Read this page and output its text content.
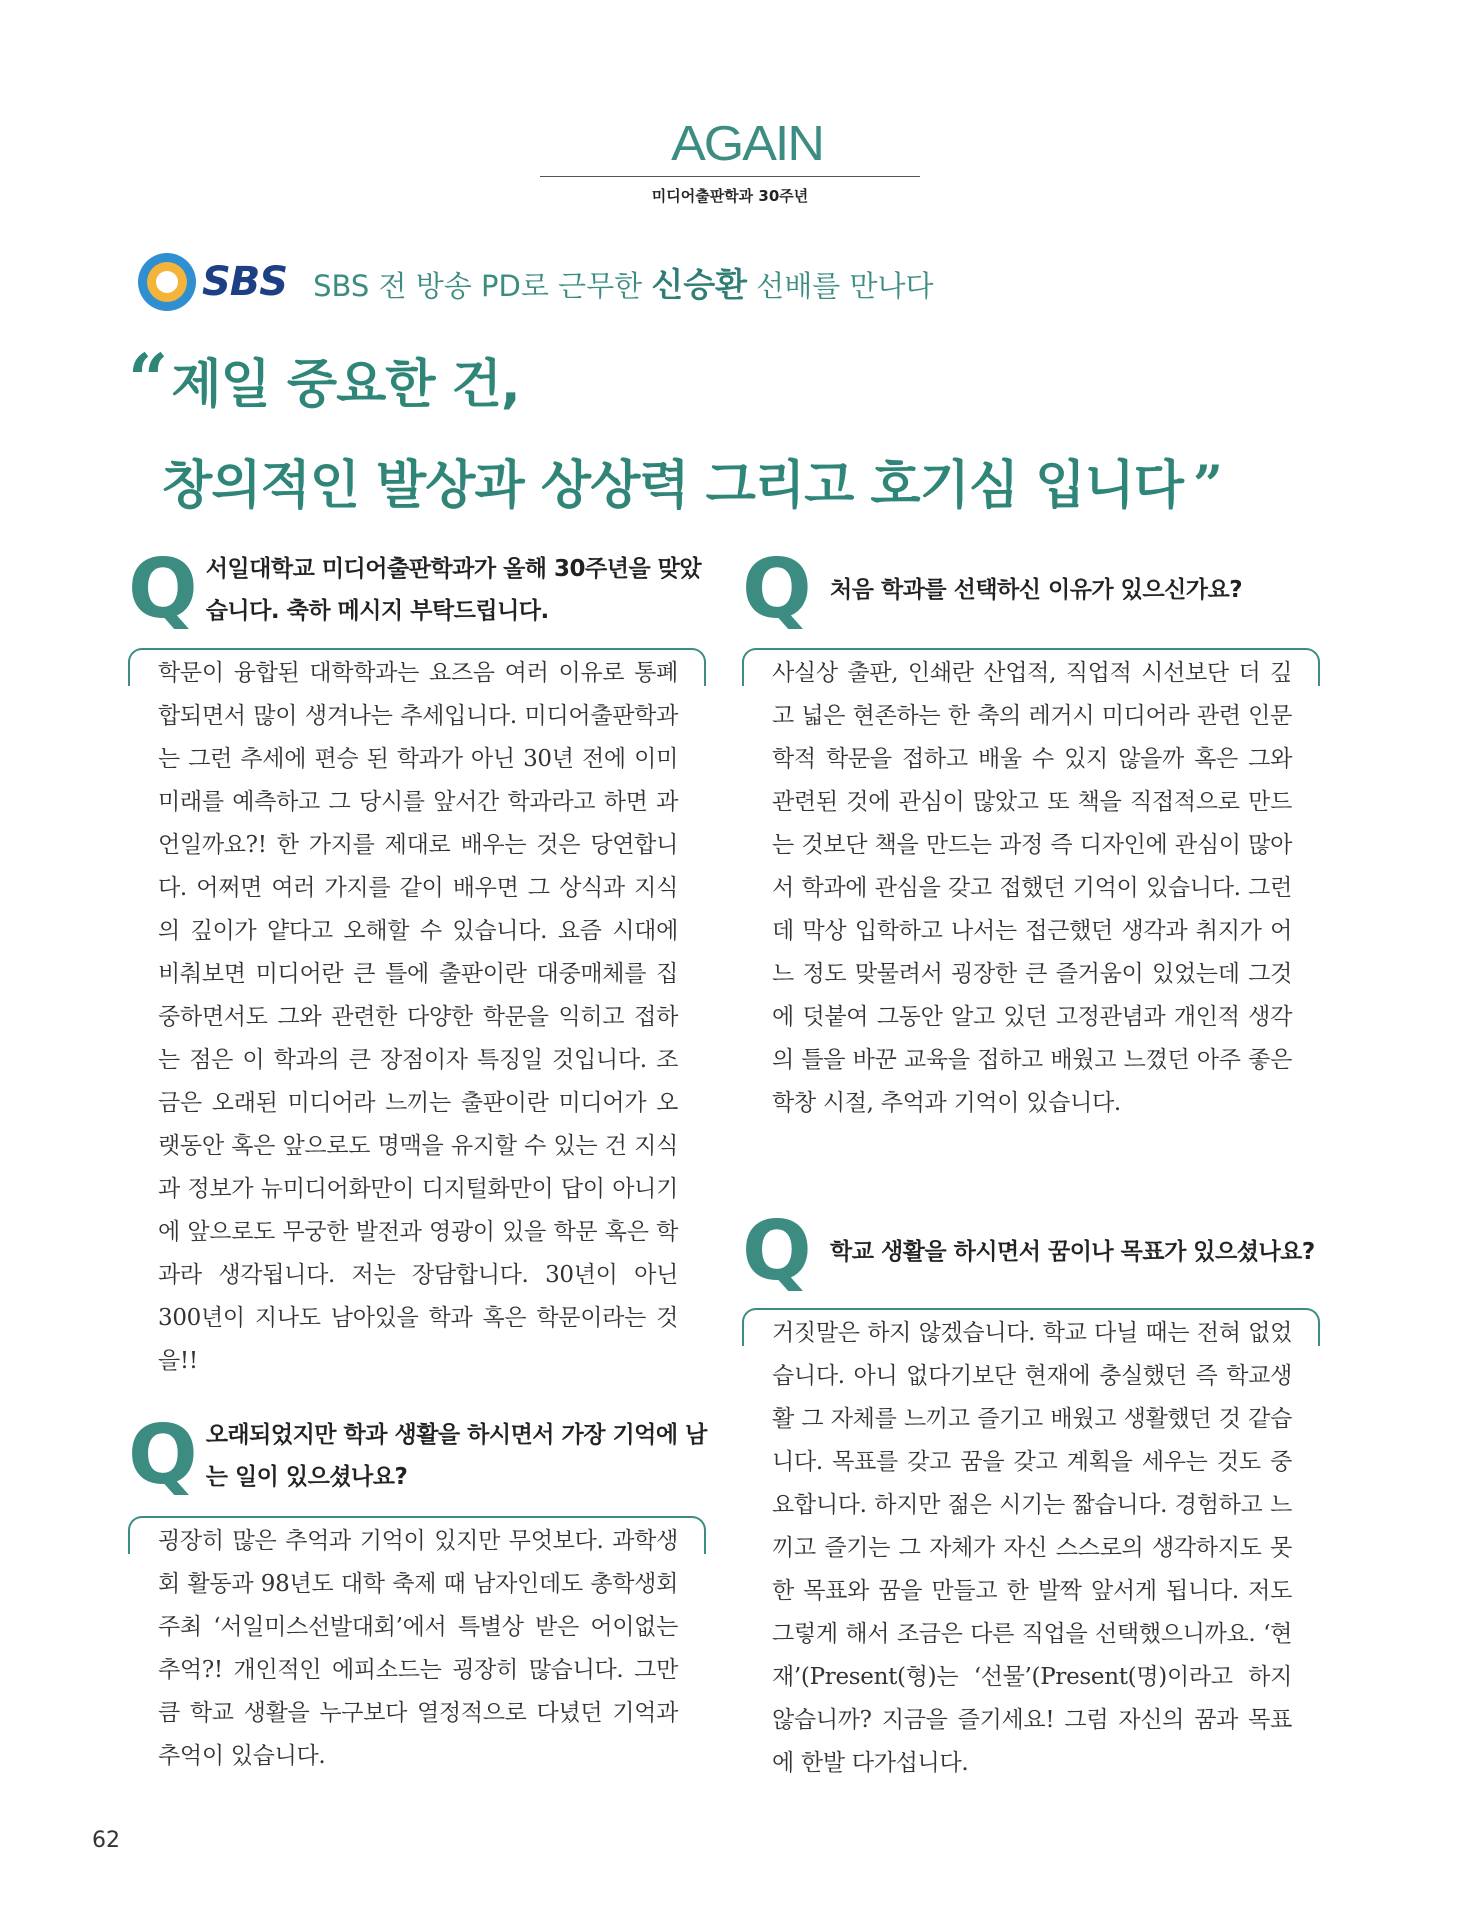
AGAIN
미디어출판학과 30주년
SBS SBS 전 방송 PD로 근무한 신승환 선배를 만나다
“제일 중요한 건,
창의적인 발상과 상상력 그리고 호기심 입니다 ”
Q 서일대학교 미디어출판학과가 올해 30주년을 맞았습니다. 축하 메시지 부탁드립니다.
학문이 융합된 대학학과는 요즈음 여러 이유로 통폐합되면서 많이 생겨나는 추세입니다. 미디어출판학과는 그런 추세에 편승 된 학과가 아닌 30년 전에 이미 미래를 예측하고 그 당시를 앞서간 학과라고 하면 과언일까요?! 한 가지를 제대로 배우는 것은 당연합니다. 어쩌면 여러 가지를 같이 배우면 그 상식과 지식의 깊이가 얕다고 오해할 수 있습니다. 요즘 시대에 비춰보면 미디어란 큰 틀에 출판이란 대중매체를 집중하면서도 그와 관련한 다양한 학문을 익히고 접하는 점은 이 학과의 큰 장점이자 특징일 것입니다. 조금은 오래된 미디어라 느끼는 출판이란 미디어가 오랫동안 혹은 앞으로도 명맥을 유지할 수 있는 건 지식과 정보가 뉴미디어화만이 디지털화만이 답이 아니기에 앞으로도 무궁한 발전과 영광이 있을 학문 혹은 학과라 생각됩니다. 저는 장담합니다. 30년이 아닌 300년이 지나도 남아있을 학과 혹은 학문이라는 것을!!
Q 오래되었지만 학과 생활을 하시면서 가장 기억에 남는 일이 있으셨나요?
굉장히 많은 추억과 기억이 있지만 무엇보다. 과학생회 활동과 98년도 대학 축제 때 남자인데도 총학생회 주최 ‘서일미스선발대회’에서 특별상 받은 어이없는 추억?! 개인적인 에피소드는 굉장히 많습니다. 그만큼 학교 생활을 누구보다 열정적으로 다녔던 기억과 추억이 있습니다.
Q 처음 학과를 선택하신 이유가 있으신가요?
사실상 출판, 인쇄란 산업적, 직업적 시선보단 더 깊고 넓은 현존하는 한 축의 레거시 미디어라 관련 인문학적 학문을 접하고 배울 수 있지 않을까 혹은 그와 관련된 것에 관심이 많았고 또 책을 직접적으로 만드는 것보단 책을 만드는 과정 즉 디자인에 관심이 많아서 학과에 관심을 갖고 접했던 기억이 있습니다. 그런데 막상 입학하고 나서는 접근했던 생각과 취지가 어느 정도 맞물려서 굉장한 큰 즐거움이 있었는데 그것에 덧붙여 그동안 알고 있던 고정관념과 개인적 생각의 틀을 바꾼 교육을 접하고 배웠고 느꼈던 아주 좋은 학창 시절, 추억과 기억이 있습니다.
Q 학교 생활을 하시면서 꿈이나 목표가 있으셨나요?
거짓말은 하지 않겠습니다. 학교 다닐 때는 전혀 없었습니다. 아니 없다기보단 현재에 충실했던 즉 학교생활 그 자체를 느끼고 즐기고 배웠고 생활했던 것 같습니다. 목표를 갖고 꿈을 갖고 계획을 세우는 것도 중요합니다. 하지만 젊은 시기는 짧습니다. 경험하고 느끼고 즐기는 그 자체가 자신 스스로의 생각하지도 못한 목표와 꿈을 만들고 한 발짝 앞서게 됩니다. 저도 그렇게 해서 조금은 다른 직업을 선택했으니까요. ‘현재’(Present(형)는 ‘선물’(Present(명)이라고 하지 않습니까? 지금을 즐기세요! 그럼 자신의 꿈과 목표에 한발 다가섭니다.
62
